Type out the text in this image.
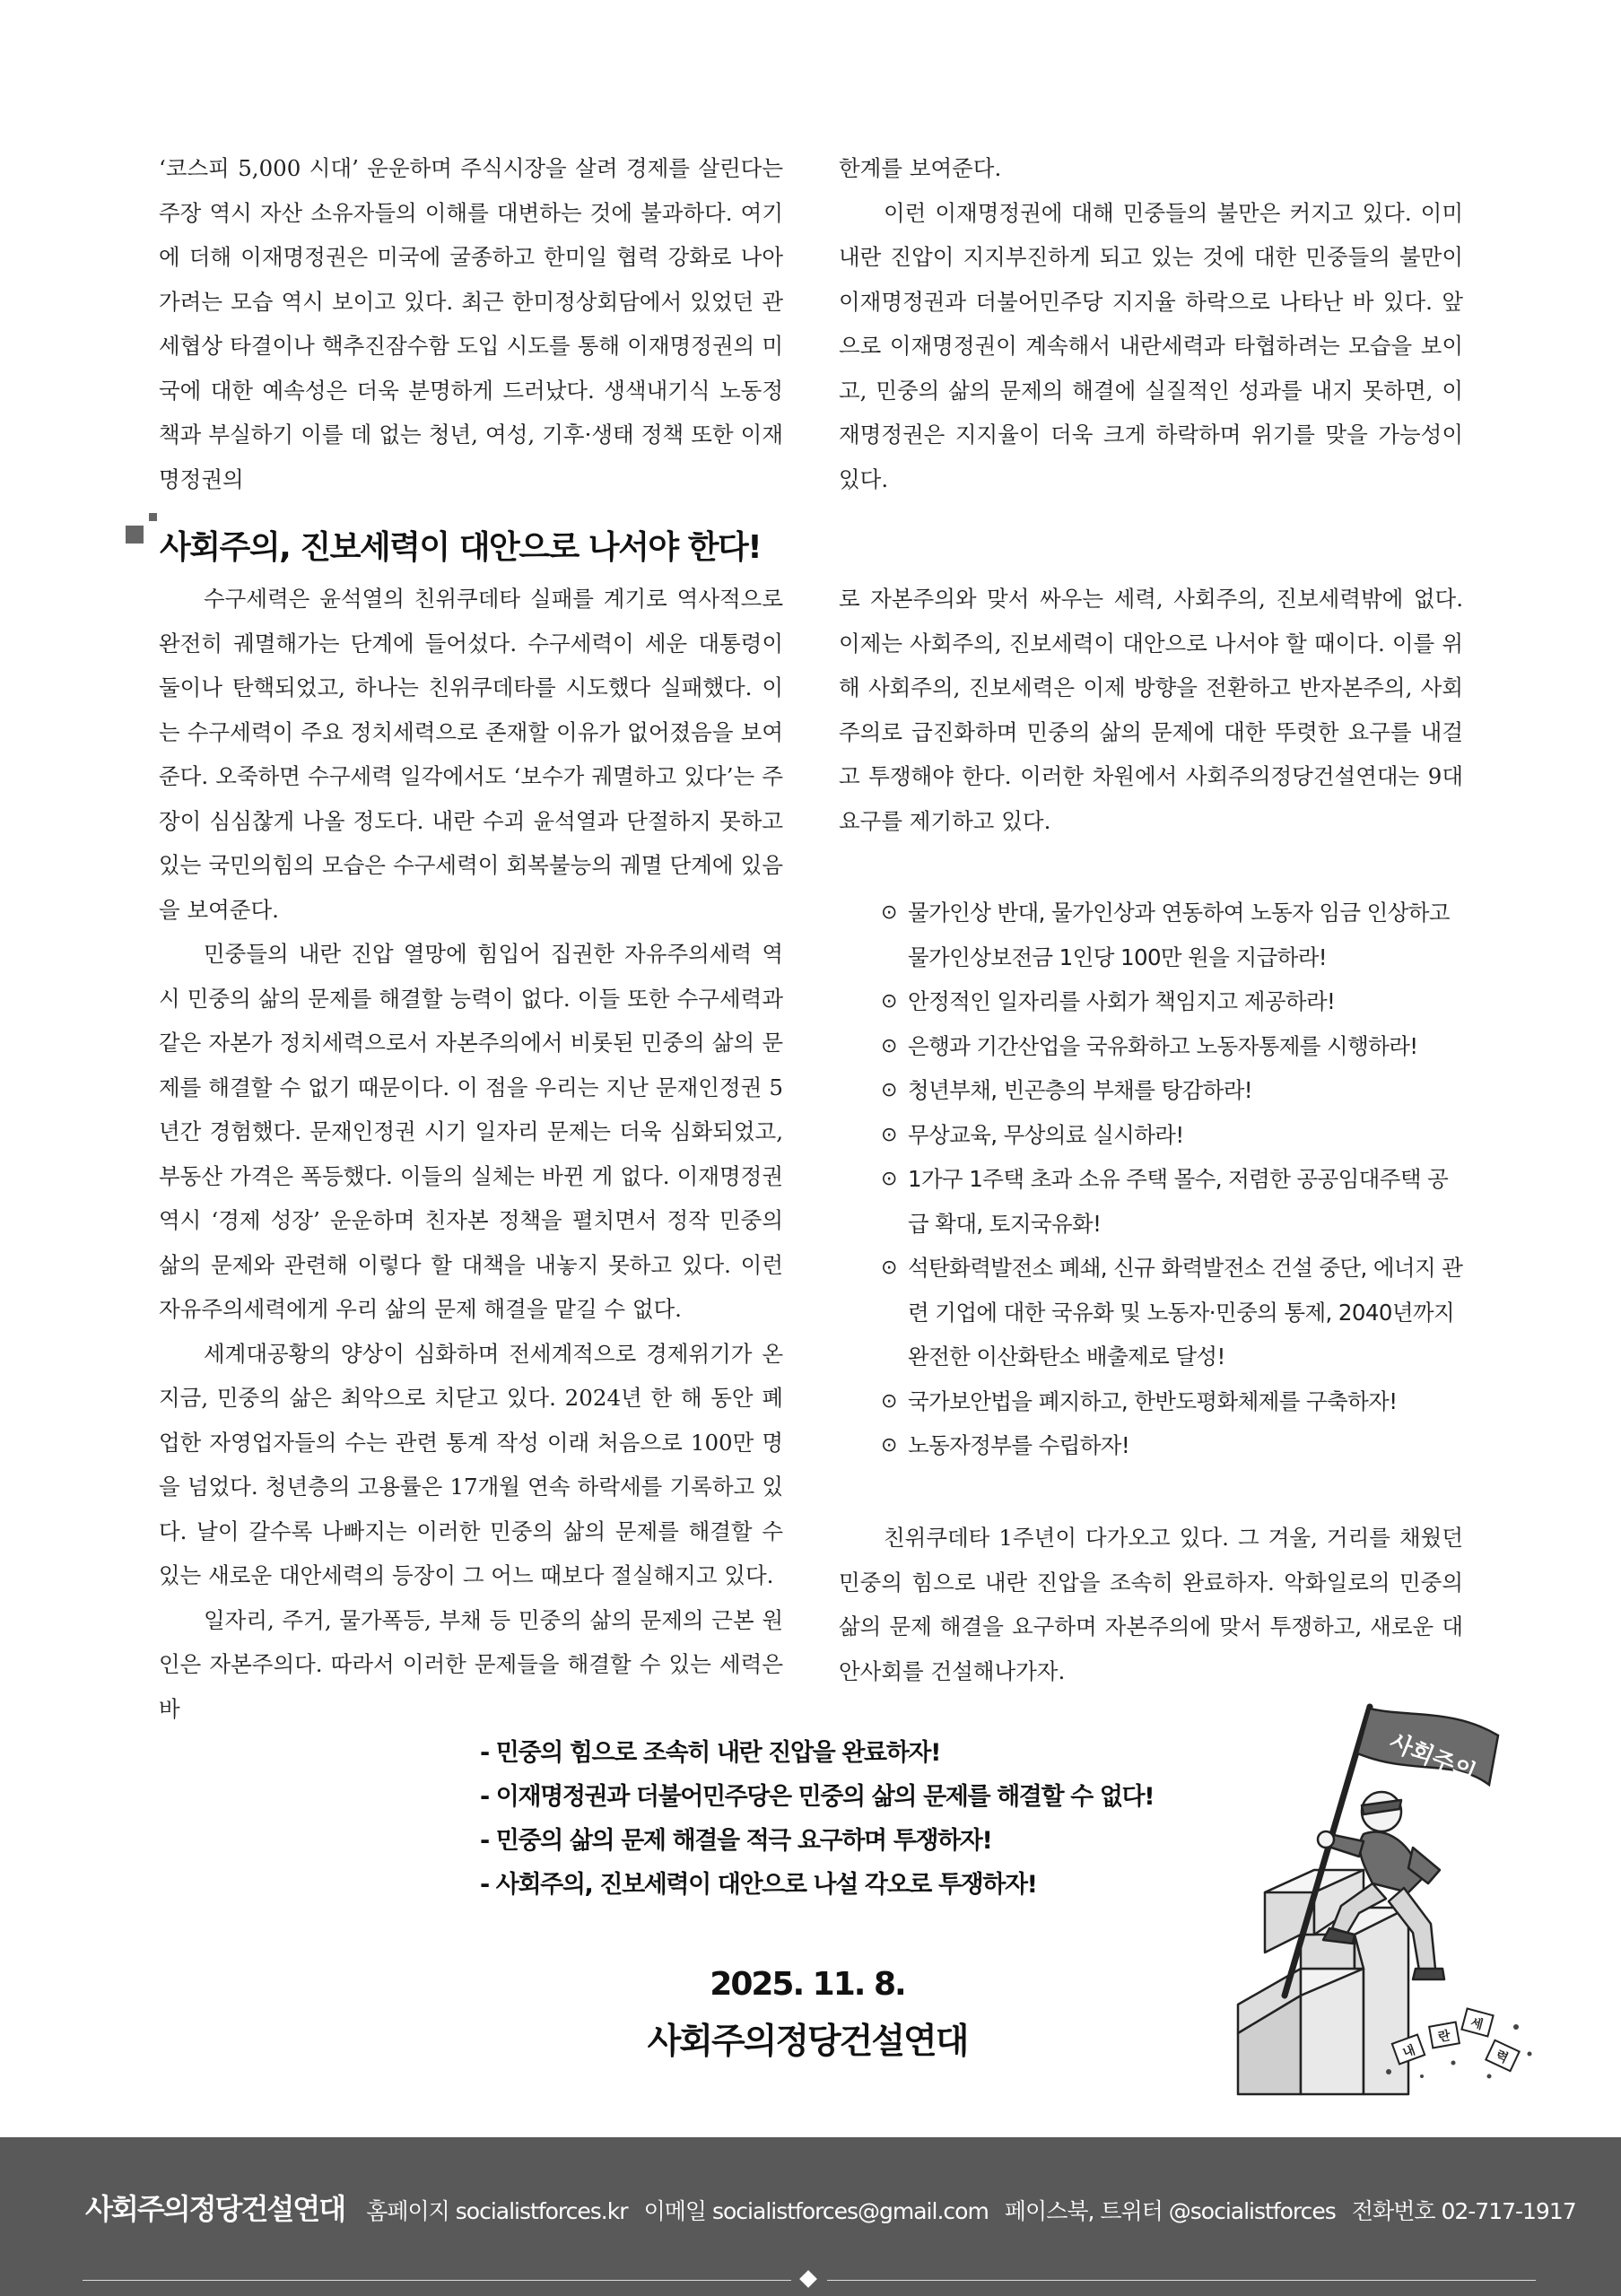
‘코스피 5,000 시대’ 운운하며 주식시장을 살려 경제를 살린다는 주장 역시 자산 소유자들의 이해를 대변하는 것에 불과하다. 여기에 더해 이재명정권은 미국에 굴종하고 한미일 협력 강화로 나아가려는 모습 역시 보이고 있다. 최근 한미정상회담에서 있었던 관세협상 타결이나 핵추진잠수함 도입 시도를 통해 이재명정권의 미국에 대한 예속성은 더욱 분명하게 드러났다. 생색내기식 노동정책과 부실하기 이를 데 없는 청년, 여성, 기후·생태 정책 또한 이재명정권의

한계를 보여준다.

이런 이재명정권에 대해 민중들의 불만은 커지고 있다. 이미 내란 진압이 지지부진하게 되고 있는 것에 대한 민중들의 불만이 이재명정권과 더불어민주당 지지율 하락으로 나타난 바 있다. 앞으로 이재명정권이 계속해서 내란세력과 타협하려는 모습을 보이고, 민중의 삶의 문제의 해결에 실질적인 성과를 내지 못하면, 이재명정권은 지지율이 더욱 크게 하락하며 위기를 맞을 가능성이 있다.

사회주의, 진보세력이 대안으로 나서야 한다!

수구세력은 윤석열의 친위쿠데타 실패를 계기로 역사적으로 완전히 궤멸해가는 단계에 들어섰다. 수구세력이 세운 대통령이 둘이나 탄핵되었고, 하나는 친위쿠데타를 시도했다 실패했다. 이는 수구세력이 주요 정치세력으로 존재할 이유가 없어졌음을 보여준다. 오죽하면 수구세력 일각에서도 ‘보수가 궤멸하고 있다’는 주장이 심심찮게 나올 정도다. 내란 수괴 윤석열과 단절하지 못하고 있는 국민의힘의 모습은 수구세력이 회복불능의 궤멸 단계에 있음을 보여준다.

민중들의 내란 진압 열망에 힘입어 집권한 자유주의세력 역시 민중의 삶의 문제를 해결할 능력이 없다. 이들 또한 수구세력과 같은 자본가 정치세력으로서 자본주의에서 비롯된 민중의 삶의 문제를 해결할 수 없기 때문이다. 이 점을 우리는 지난 문재인정권 5년간 경험했다. 문재인정권 시기 일자리 문제는 더욱 심화되었고, 부동산 가격은 폭등했다. 이들의 실체는 바뀐 게 없다. 이재명정권 역시 ‘경제 성장’ 운운하며 친자본 정책을 펼치면서 정작 민중의 삶의 문제와 관련해 이렇다 할 대책을 내놓지 못하고 있다. 이런 자유주의세력에게 우리 삶의 문제 해결을 맡길 수 없다.

세계대공황의 양상이 심화하며 전세계적으로 경제위기가 온 지금, 민중의 삶은 최악으로 치닫고 있다. 2024년 한 해 동안 폐업한 자영업자들의 수는 관련 통계 작성 이래 처음으로 100만 명을 넘었다. 청년층의 고용률은 17개월 연속 하락세를 기록하고 있다. 날이 갈수록 나빠지는 이러한 민중의 삶의 문제를 해결할 수 있는 새로운 대안세력의 등장이 그 어느 때보다 절실해지고 있다.

일자리, 주거, 물가폭등, 부채 등 민중의 삶의 문제의 근본 원인은 자본주의다. 따라서 이러한 문제들을 해결할 수 있는 세력은 바

로 자본주의와 맞서 싸우는 세력, 사회주의, 진보세력밖에 없다. 이제는 사회주의, 진보세력이 대안으로 나서야 할 때이다. 이를 위해 사회주의, 진보세력은 이제 방향을 전환하고 반자본주의, 사회주의로 급진화하며 민중의 삶의 문제에 대한 뚜렷한 요구를 내걸고 투쟁해야 한다. 이러한 차원에서 사회주의정당건설연대는 9대 요구를 제기하고 있다.

⊙ 물가인상 반대, 물가인상과 연동하여 노동자 임금 인상하고 물가인상보전금 1인당 100만 원을 지급하라!
⊙ 안정적인 일자리를 사회가 책임지고 제공하라!
⊙ 은행과 기간산업을 국유화하고 노동자통제를 시행하라!
⊙ 청년부채, 빈곤층의 부채를 탕감하라!
⊙ 무상교육, 무상의료 실시하라!
⊙ 1가구 1주택 초과 소유 주택 몰수, 저렴한 공공임대주택 공급 확대, 토지국유화!
⊙ 석탄화력발전소 폐쇄, 신규 화력발전소 건설 중단, 에너지 관련 기업에 대한 국유화 및 노동자·민중의 통제, 2040년까지 완전한 이산화탄소 배출제로 달성!
⊙ 국가보안법을 폐지하고, 한반도평화체제를 구축하자!
⊙ 노동자정부를 수립하자!

친위쿠데타 1주년이 다가오고 있다. 그 겨울, 거리를 채웠던 민중의 힘으로 내란 진압을 조속히 완료하자. 악화일로의 민중의 삶의 문제 해결을 요구하며 자본주의에 맞서 투쟁하고, 새로운 대안사회를 건설해나가자.

- 민중의 힘으로 조속히 내란 진압을 완료하자!
- 이재명정권과 더불어민주당은 민중의 삶의 문제를 해결할 수 없다!
- 민중의 삶의 문제 해결을 적극 요구하며 투쟁하자!
- 사회주의, 진보세력이 대안으로 나설 각오로 투쟁하자!
2025. 11. 8.
사회주의정당건설연대
사회주의
내
란
세
력
사회주의정당건설연대 홈페이지 socialistforces.kr 이메일 socialistforces@gmail.com 페이스북, 트위터 @socialistforces 전화번호 02-717-1917
